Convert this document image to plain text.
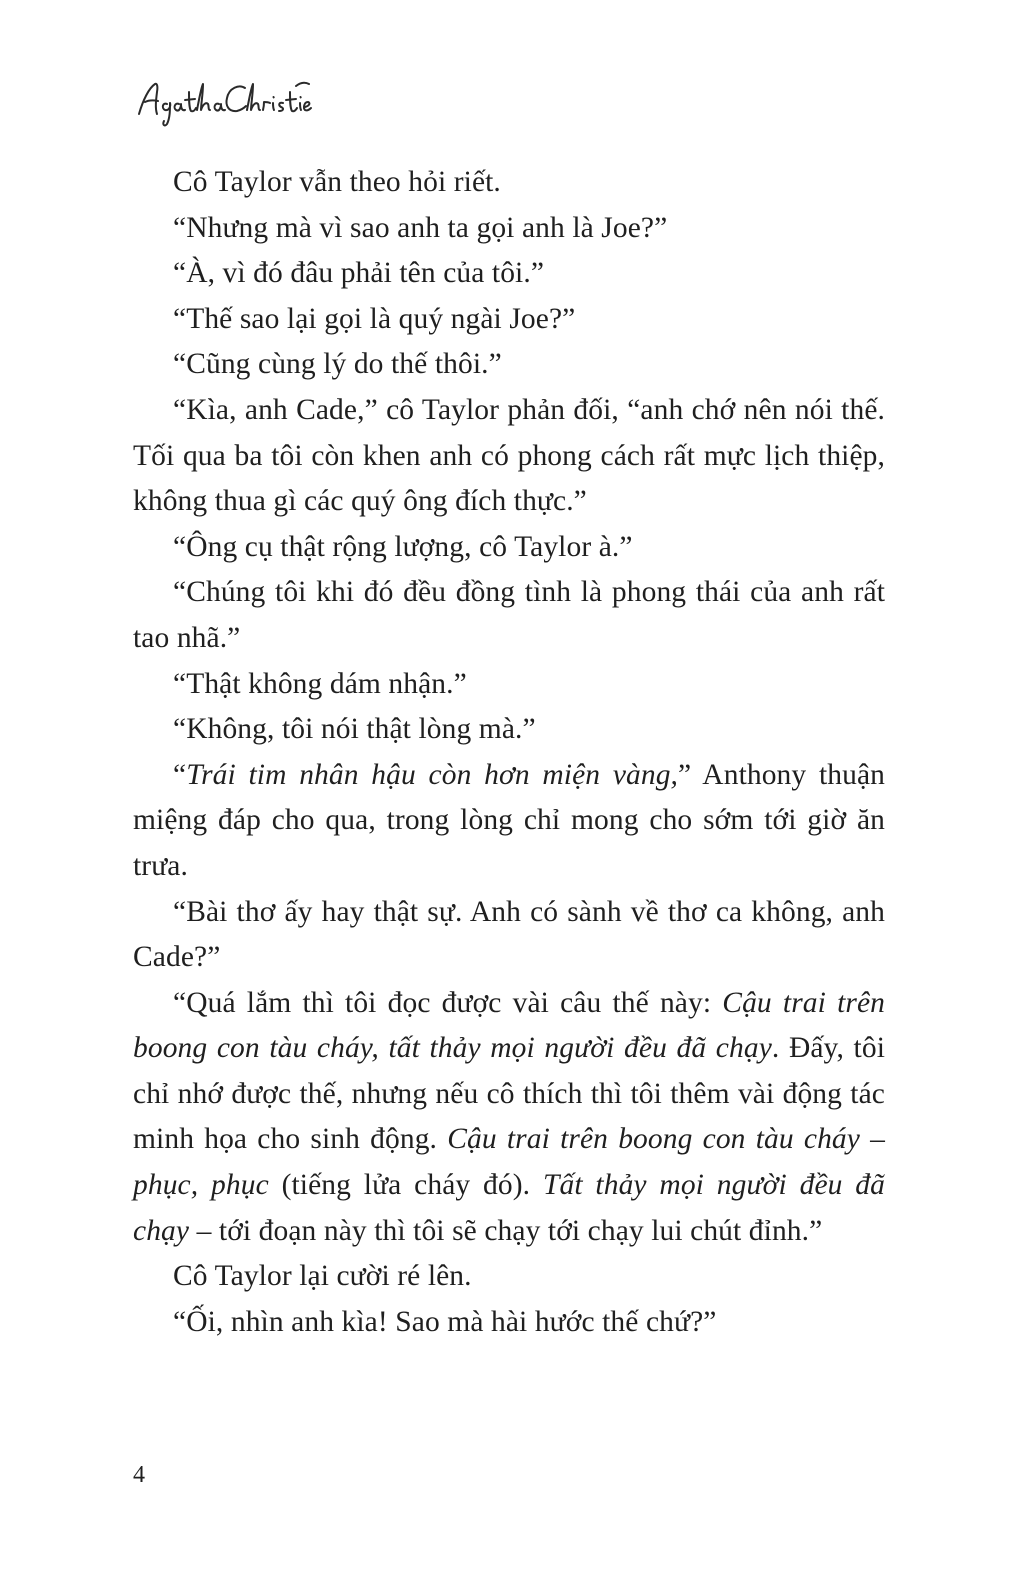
Cô Taylor vẫn theo hỏi riết.

“Nhưng mà vì sao anh ta gọi anh là Joe?”

“À, vì đó đâu phải tên của tôi.”

“Thế sao lại gọi là quý ngài Joe?”

“Cũng cùng lý do thế thôi.”

“Kìa, anh Cade,” cô Taylor phản đối, “anh chớ nên nói thế. Tối qua ba tôi còn khen anh có phong cách rất mực lịch thiệp, không thua gì các quý ông đích thực.”

“Ông cụ thật rộng lượng, cô Taylor à.”

“Chúng tôi khi đó đều đồng tình là phong thái của anh rất tao nhã.”

“Thật không dám nhận.”

“Không, tôi nói thật lòng mà.”

“Trái tim nhân hậu còn hơn miện vàng,” Anthony thuận miệng đáp cho qua, trong lòng chỉ mong cho sớm tới giờ ăn trưa.

“Bài thơ ấy hay thật sự. Anh có sành về thơ ca không, anh Cade?”

“Quá lắm thì tôi đọc được vài câu thế này: Cậu trai trên boong con tàu cháy, tất thảy mọi người đều đã chạy. Đấy, tôi chỉ nhớ được thế, nhưng nếu cô thích thì tôi thêm vài động tác minh họa cho sinh động. Cậu trai trên boong con tàu cháy – phục, phục (tiếng lửa cháy đó). Tất thảy mọi người đều đã chạy – tới đoạn này thì tôi sẽ chạy tới chạy lui chút đỉnh.”

Cô Taylor lại cười ré lên.

“Ối, nhìn anh kìa! Sao mà hài hước thế chứ?”

4
